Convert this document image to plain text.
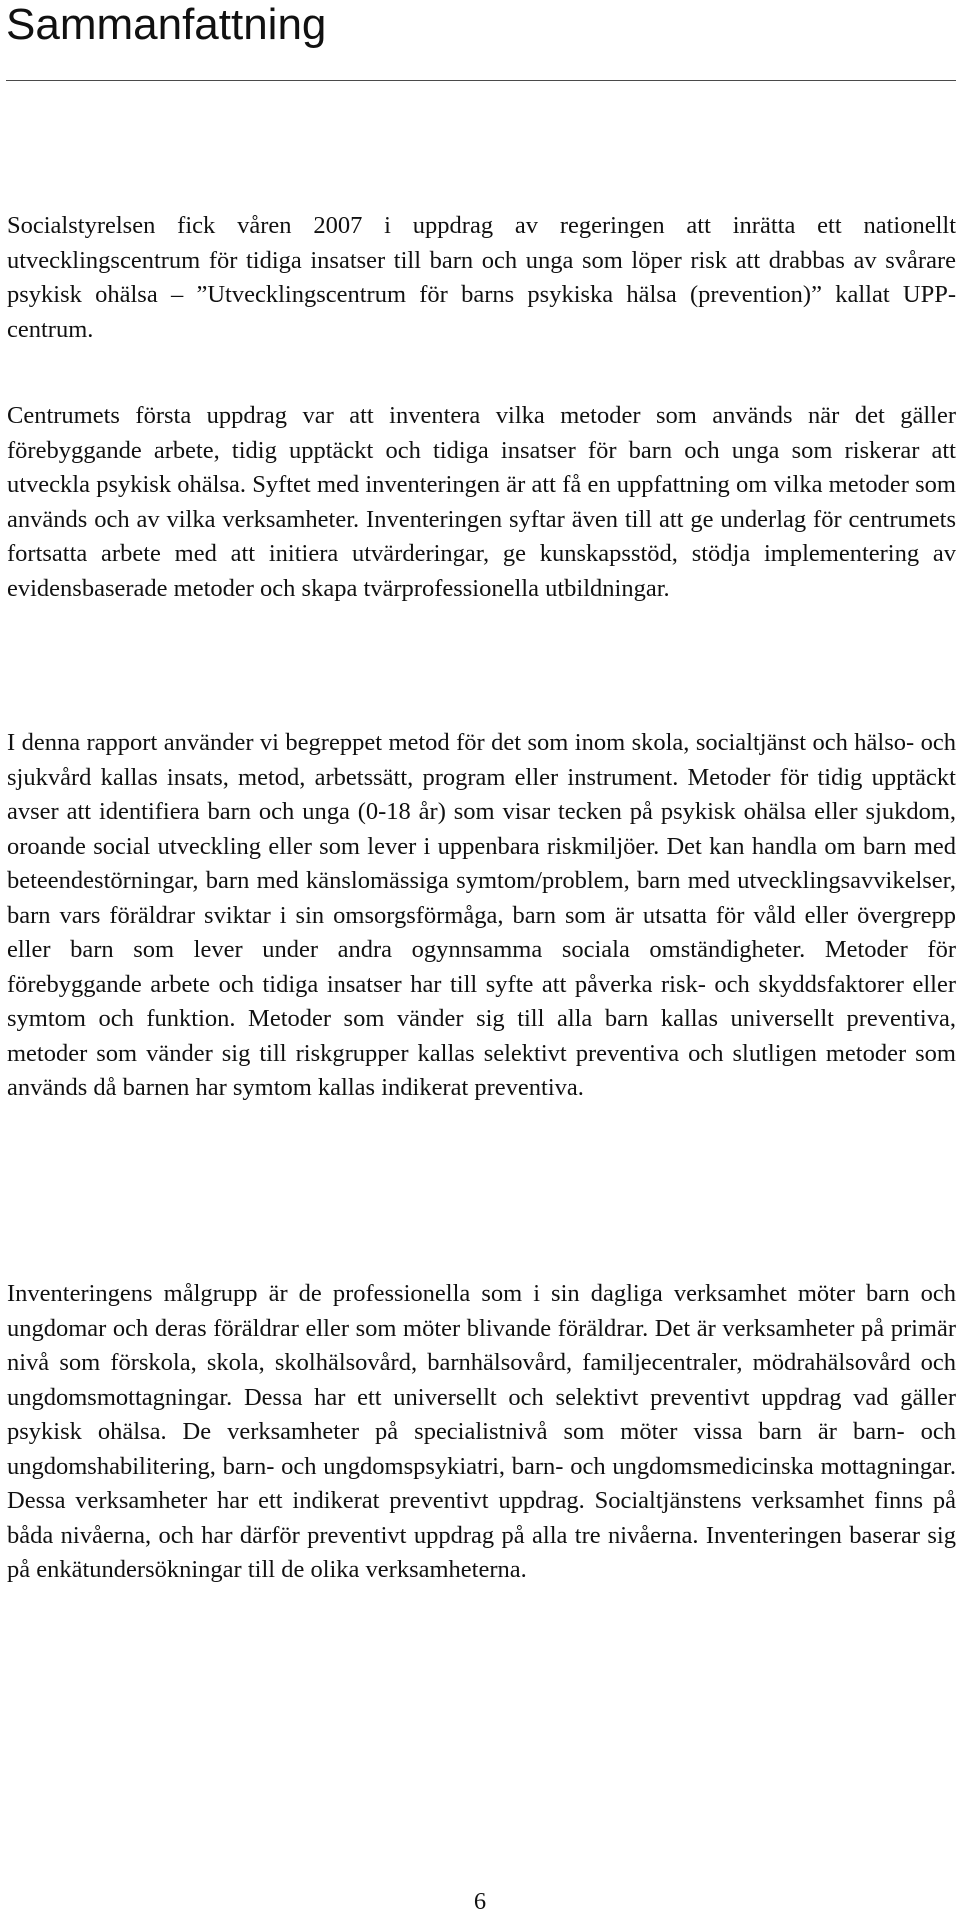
Sammanfattning

Socialstyrelsen fick våren 2007 i uppdrag av regeringen att inrätta ett nationellt utvecklingscentrum för tidiga insatser till barn och unga som löper risk att drabbas av svårare psykisk ohälsa – ”Utvecklingscentrum för barns psykiska hälsa (prevention)” kallat UPP- centrum.

Centrumets första uppdrag var att inventera vilka metoder som används när det gäller förebyggande arbete, tidig upptäckt och tidiga insatser för barn och unga som riskerar att utveckla psykisk ohälsa. Syftet med inventeringen är att få en uppfattning om vilka metoder som används och av vilka verksamheter. Inventeringen syftar även till att ge underlag för centrumets fortsatta arbete med att initiera utvärderingar, ge kunskapsstöd, stödja implementering av evidensbaserade metoder och skapa tvärprofessionella utbildningar.

I denna rapport använder vi begreppet metod för det som inom skola, socialtjänst och hälso- och sjukvård kallas insats, metod, arbetssätt, program eller instrument. Metoder för tidig upptäckt avser att identifiera barn och unga (0-18 år) som visar tecken på psykisk ohälsa eller sjukdom, oroande social utveckling eller som lever i uppenbara riskmiljöer. Det kan handla om barn med beteendestörningar, barn med känslomässiga symtom/problem, barn med utvecklingsavvikelser, barn vars föräldrar sviktar i sin omsorgsförmåga, barn som är utsatta för våld eller övergrepp eller barn som lever under andra ogynnsamma sociala omständigheter. Metoder för förebyggande arbete och tidiga insatser har till syfte att påverka risk- och skyddsfaktorer eller symtom och funktion. Metoder som vänder sig till alla barn kallas universellt preventiva, metoder som vänder sig till riskgrupper kallas selektivt preventiva och slutligen metoder som används då barnen har symtom kallas indikerat preventiva.

Inventeringens målgrupp är de professionella som i sin dagliga verksamhet möter barn och ungdomar och deras föräldrar eller som möter blivande föräldrar. Det är verksamheter på primär nivå som förskola, skola, skolhälsovård, barnhälsovård, familjecentraler, mödrahälsovård och ungdomsmottagningar. Dessa har ett universellt och selektivt preventivt uppdrag vad gäller psykisk ohälsa. De verksamheter på specialistnivå som möter vissa barn är barn- och ungdomshabilitering, barn- och ungdomspsykiatri, barn- och ungdomsmedicinska mottagningar. Dessa verksamheter har ett indikerat preventivt uppdrag. Socialtjänstens verksamhet finns på båda nivåerna, och har därför preventivt uppdrag på alla tre nivåerna. Inventeringen baserar sig på enkätundersökningar till de olika verksamheterna.

6
